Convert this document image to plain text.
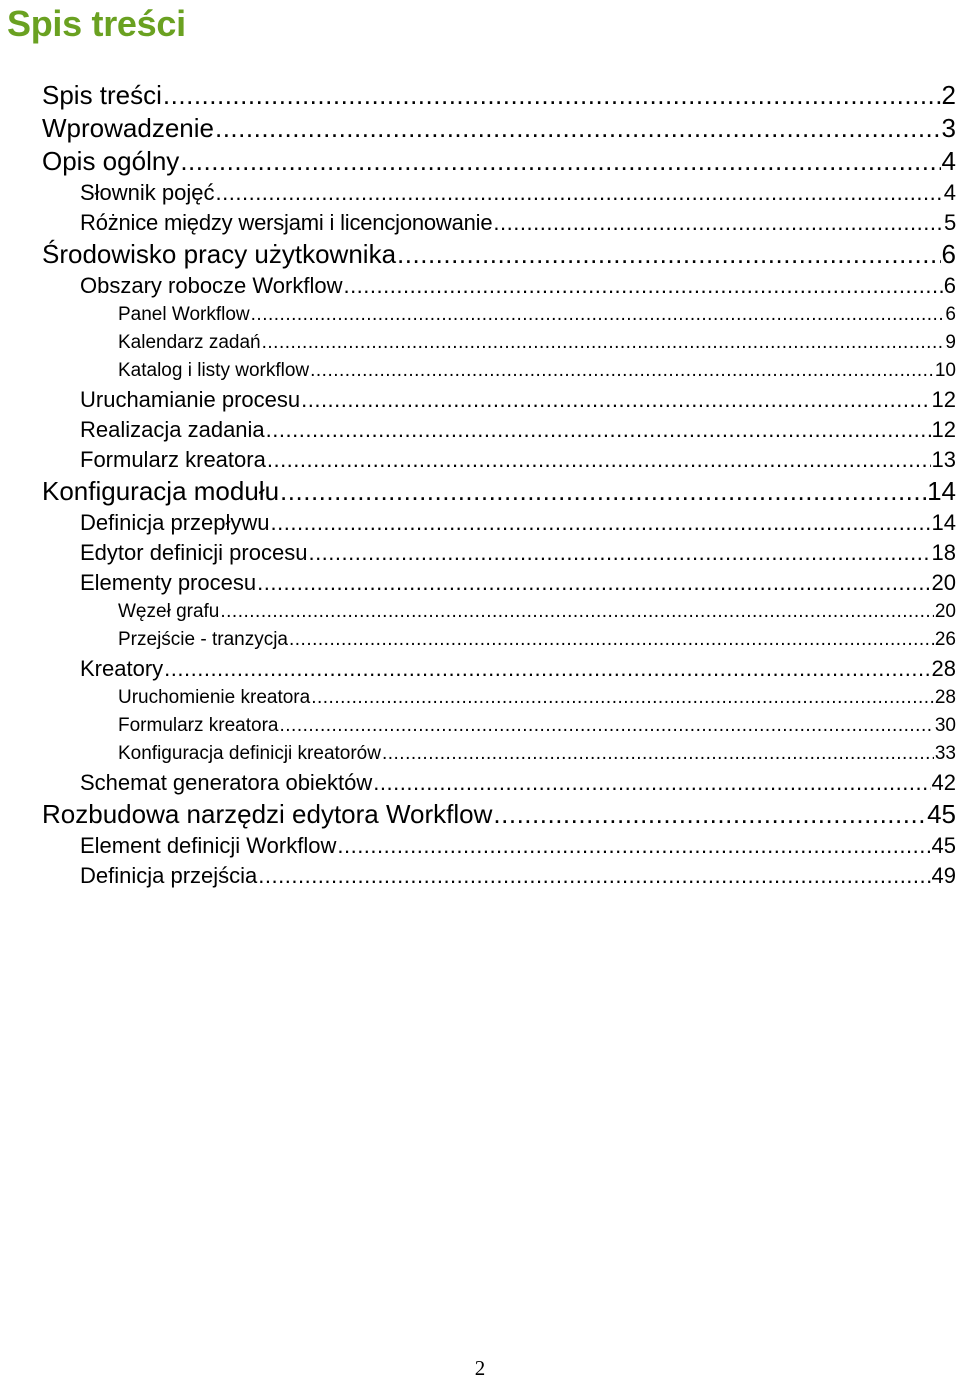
Spis treści
Spis treści .....	2
Wprowadzenie .....	3
Opis ogólny .....	4
Słownik pojęć .....	4
Różnice między wersjami i licencjonowanie .....	5
Środowisko pracy użytkownika .....	6
Obszary robocze Workflow .....	6
Panel Workflow .....	6
Kalendarz zadań .....	9
Katalog i listy workflow .....	10
Uruchamianie procesu .....	12
Realizacja zadania .....	12
Formularz kreatora .....	13
Konfiguracja modułu .....	14
Definicja przepływu .....	14
Edytor definicji procesu .....	18
Elementy procesu .....	20
Węzeł grafu .....	20
Przejście - tranzycja .....	26
Kreatory .....	28
Uruchomienie kreatora .....	28
Formularz kreatora .....	30
Konfiguracja definicji kreatorów .....	33
Schemat generatora obiektów .....	42
Rozbudowa narzędzi edytora Workflow .....	45
Element definicji Workflow .....	45
Definicja przejścia .....	49
2
